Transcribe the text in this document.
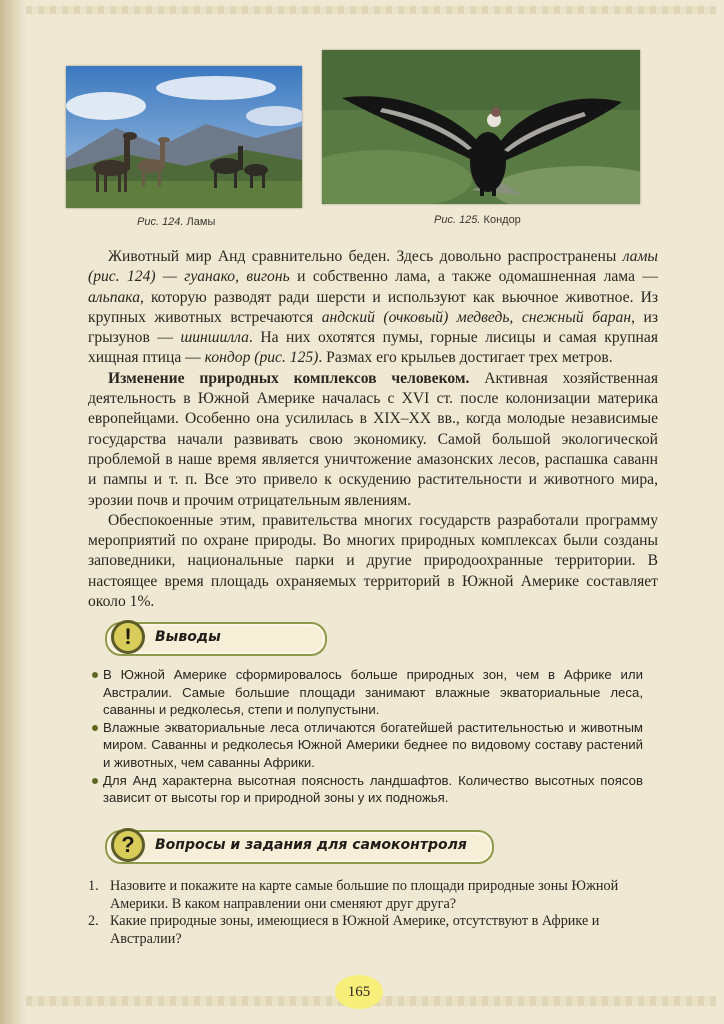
Рис. 124. Ламы	Рис. 125. Кондор

Животный мир Анд сравнительно беден. Здесь довольно распространены ламы (рис. 124) — гуанако, вигонь и собственно лама, а также одомашненная лама — альпака, которую разводят ради шерсти и используют как вьючное животное. Из крупных животных встречаются андский (очковый) медведь, снежный баран, из грызунов — шиншилла. На них охотятся пумы, горные лисицы и самая крупная хищная птица — кондор (рис. 125). Размах его крыльев достигает трех метров.

Изменение природных комплексов человеком. Активная хозяйственная деятельность в Южной Америке началась с XVI ст. после колонизации материка европейцами. Особенно она усилилась в XIX–XX вв., когда молодые независимые государства начали развивать свою экономику. Самой большой экологической проблемой в наше время является уничтожение амазонских лесов, распашка саванн и пампы и т. п. Все это привело к оскудению растительности и животного мира, эрозии почв и прочим отрицательным явлениям.

Обеспокоенные этим, правительства многих государств разработали программу мероприятий по охране природы. Во многих природных комплексах были созданы заповедники, национальные парки и другие природоохранные территории. В настоящее время площадь охраняемых территорий в Южной Америке составляет около 1%.

!	Выводы
В Южной Америке сформировалось больше природных зон, чем в Африке или Австралии. Самые большие площади занимают влажные экваториальные леса, саванны и редколесья, степи и полупустыни.
Влажные экваториальные леса отличаются богатейшей растительностью и животным миром. Саванны и редколесья Южной Америки беднее по видовому составу растений и животных, чем саванны Африки.
Для Анд характерна высотная поясность ландшафтов. Количество высотных поясов зависит от высоты гор и природной зоны у их подножья.
?	Вопросы и задания для самоконтроля
1. Назовите и покажите на карте самые большие по площади природные зоны Южной Америки. В каком направлении они сменяют друг друга?
2. Какие природные зоны, имеющиеся в Южной Америке, отсутствуют в Африке и Австралии?
165
